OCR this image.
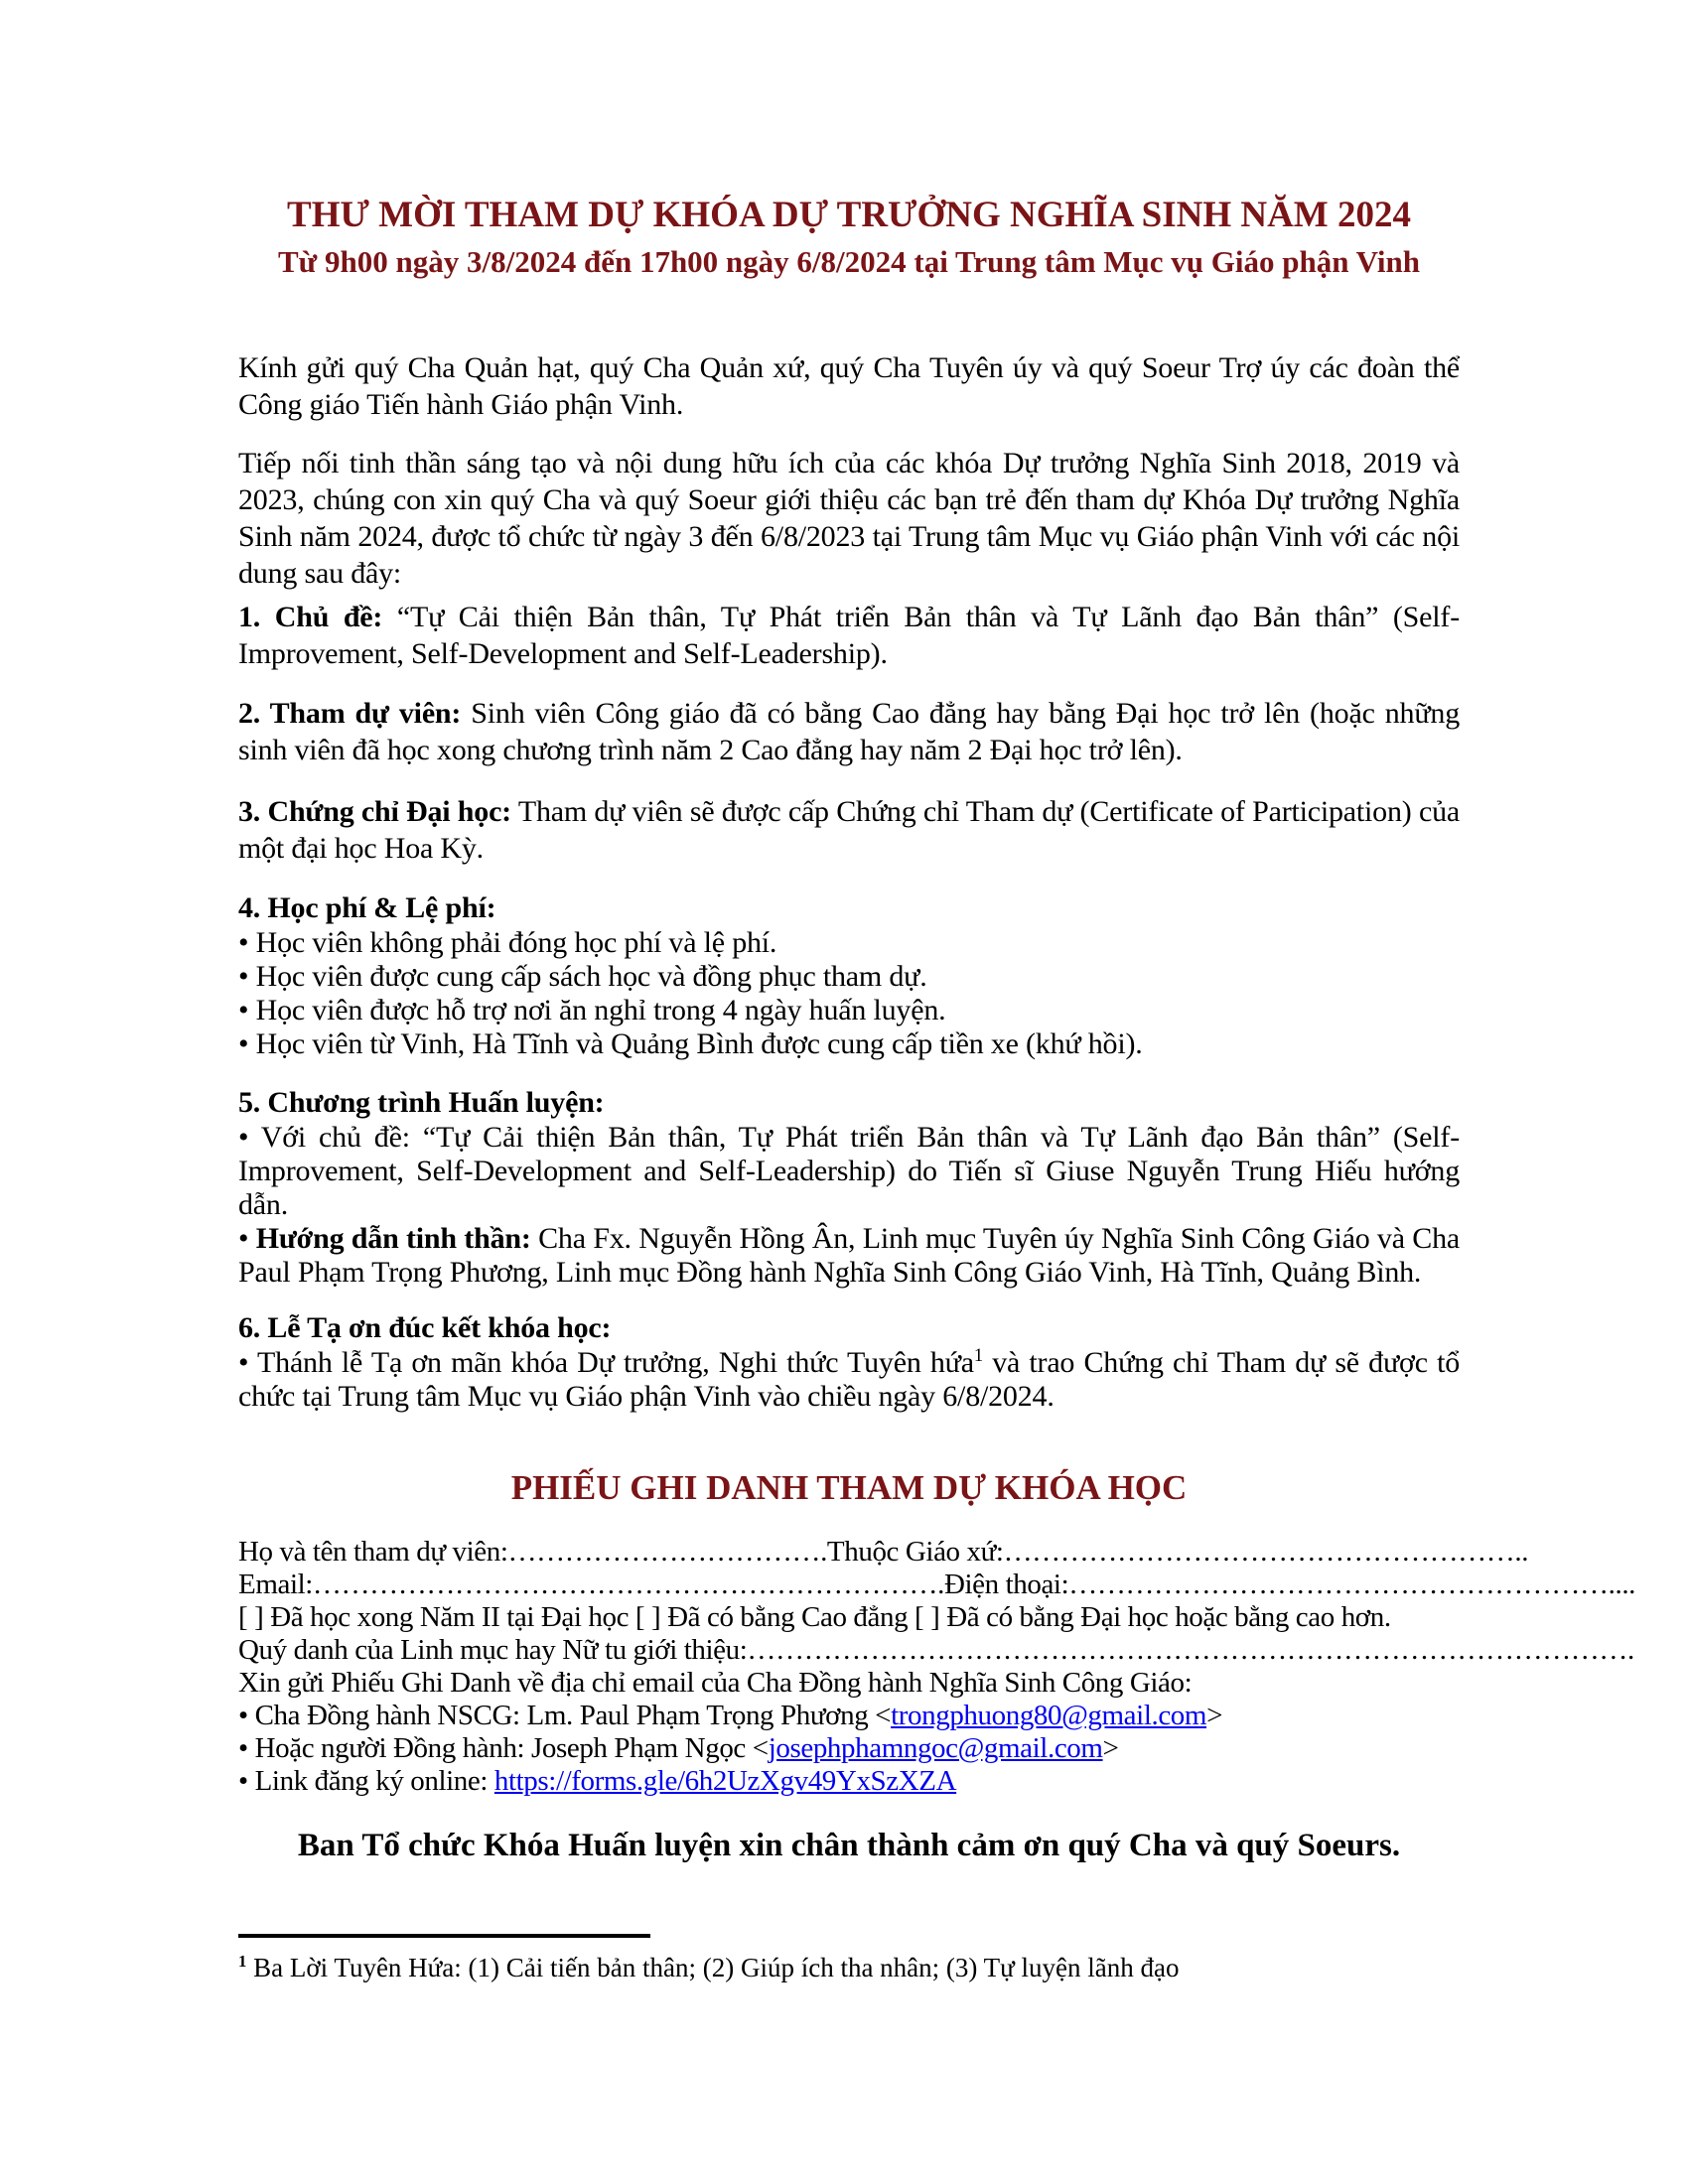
THƯ MỜI THAM DỰ KHÓA DỰ TRƯỞNG NGHĨA SINH NĂM 2024
Từ 9h00 ngày 3/8/2024 đến 17h00 ngày 6/8/2024 tại Trung tâm Mục vụ Giáo phận Vinh

Kính gửi quý Cha Quản hạt, quý Cha Quản xứ, quý Cha Tuyên úy và quý Soeur Trợ úy các đoàn thể Công giáo Tiến hành Giáo phận Vinh.

Tiếp nối tinh thần sáng tạo và nội dung hữu ích của các khóa Dự trưởng Nghĩa Sinh 2018, 2019 và 2023, chúng con xin quý Cha và quý Soeur giới thiệu các bạn trẻ đến tham dự Khóa Dự trưởng Nghĩa Sinh năm 2024, được tổ chức từ ngày 3 đến 6/8/2023 tại Trung tâm Mục vụ Giáo phận Vinh với các nội dung sau đây:

1. Chủ đề: “Tự Cải thiện Bản thân, Tự Phát triển Bản thân và Tự Lãnh đạo Bản thân” (Self-Improvement, Self-Development and Self-Leadership).

2. Tham dự viên: Sinh viên Công giáo đã có bằng Cao đẳng hay bằng Đại học trở lên (hoặc những sinh viên đã học xong chương trình năm 2 Cao đẳng hay năm 2 Đại học trở lên).

3. Chứng chỉ Đại học: Tham dự viên sẽ được cấp Chứng chỉ Tham dự (Certificate of Participation) của một đại học Hoa Kỳ.

4. Học phí & Lệ phí:

• Học viên không phải đóng học phí và lệ phí.

• Học viên được cung cấp sách học và đồng phục tham dự.

• Học viên được hỗ trợ nơi ăn nghỉ trong 4 ngày huấn luyện.

• Học viên từ Vinh, Hà Tĩnh và Quảng Bình được cung cấp tiền xe (khứ hồi).

5. Chương trình Huấn luyện:

• Với chủ đề: “Tự Cải thiện Bản thân, Tự Phát triển Bản thân và Tự Lãnh đạo Bản thân” (Self-Improvement, Self-Development and Self-Leadership) do Tiến sĩ Giuse Nguyễn Trung Hiếu hướng dẫn.

• Hướng dẫn tinh thần: Cha Fx. Nguyễn Hồng Ân, Linh mục Tuyên úy Nghĩa Sinh Công Giáo và Cha Paul Phạm Trọng Phương, Linh mục Đồng hành Nghĩa Sinh Công Giáo Vinh, Hà Tĩnh, Quảng Bình.

6. Lễ Tạ ơn đúc kết khóa học:

• Thánh lễ Tạ ơn mãn khóa Dự trưởng, Nghi thức Tuyên hứa$^1$ và trao Chứng chỉ Tham dự sẽ được tổ chức tại Trung tâm Mục vụ Giáo phận Vinh vào chiều ngày 6/8/2024.

PHIẾU GHI DANH THAM DỰ KHÓA HỌC

Họ và tên tham dự viên:…………………………….Thuộc Giáo xứ:………………………………………………..

Email:………………………………………………………….Điện thoại:…………………………………………………....

[ ] Đã học xong Năm II tại Đại học [ ] Đã có bằng Cao đẳng [ ] Đã có bằng Đại học hoặc bằng cao hơn.

Quý danh của Linh mục hay Nữ tu giới thiệu:………………………………………………………………………………….

Xin gửi Phiếu Ghi Danh về địa chỉ email của Cha Đồng hành Nghĩa Sinh Công Giáo:

• Cha Đồng hành NSCG: Lm. Paul Phạm Trọng Phương <trongphuong80@gmail.com>

• Hoặc người Đồng hành: Joseph Phạm Ngọc <josephphamngoc@gmail.com>

• Link đăng ký online: https://forms.gle/6h2UzXgv49YxSzXZA

Ban Tổ chức Khóa Huấn luyện xin chân thành cảm ơn quý Cha và quý Soeurs.

$^1$ Ba Lời Tuyên Hứa: (1) Cải tiến bản thân; (2) Giúp ích tha nhân; (3) Tự luyện lãnh đạo
